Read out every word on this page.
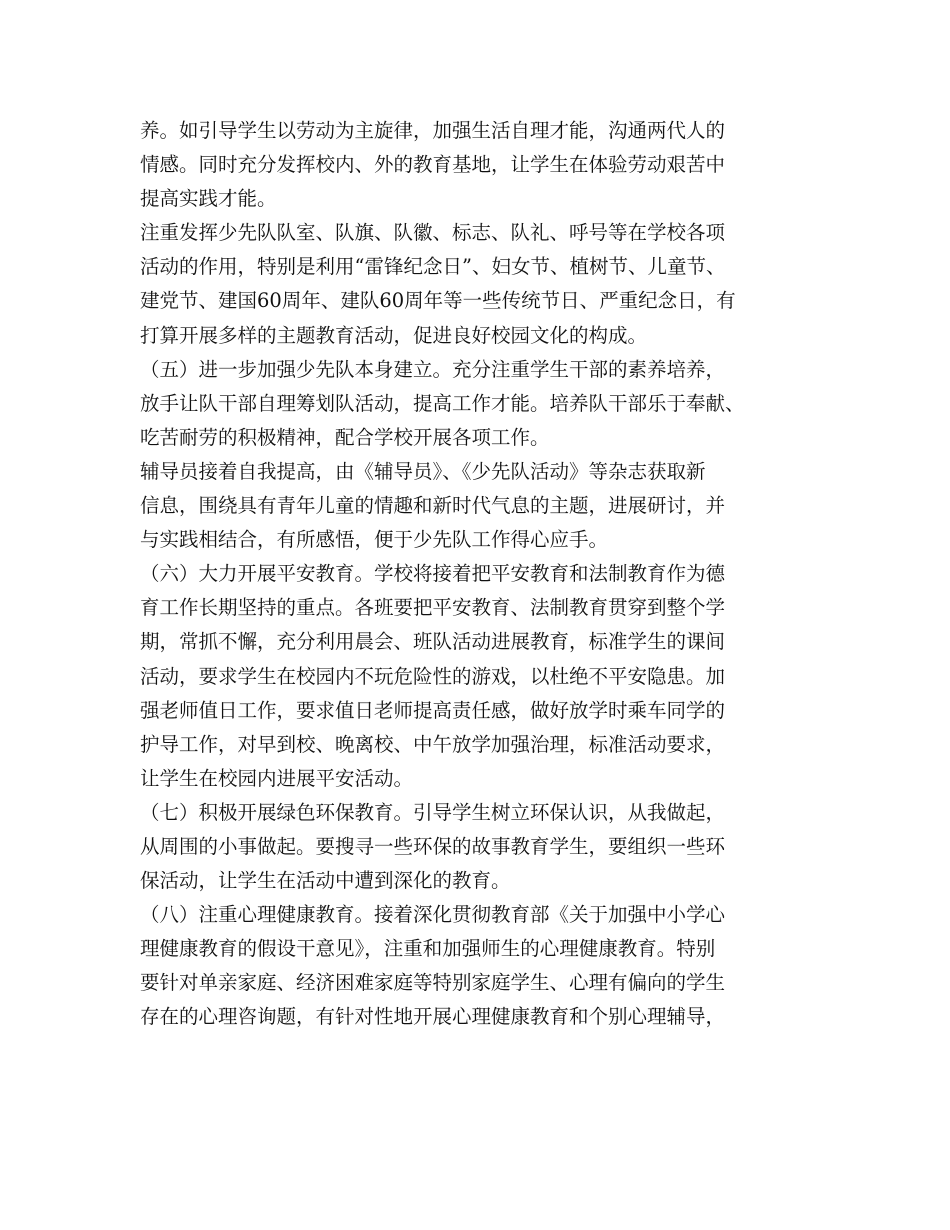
养。如引导学生以劳动为主旋律，加强生活自理才能，沟通两代人的
情感。同时充分发挥校内、外的教育基地，让学生在体验劳动艰苦中
提高实践才能。
注重发挥少先队队室、队旗、队徽、标志、队礼、呼号等在学校各项
活动的作用，特别是利用“雷锋纪念日”、妇女节、植树节、儿童节、
建党节、建国60周年、建队60周年等一些传统节日、严重纪念日，有
打算开展多样的主题教育活动，促进良好校园文化的构成。
（五）进一步加强少先队本身建立。充分注重学生干部的素养培养，
放手让队干部自理筹划队活动，提高工作才能。培养队干部乐于奉献、
吃苦耐劳的积极精神，配合学校开展各项工作。
辅导员接着自我提高，由《辅导员》、《少先队活动》等杂志获取新
信息，围绕具有青年儿童的情趣和新时代气息的主题，进展研讨，并
与实践相结合，有所感悟，便于少先队工作得心应手。
（六）大力开展平安教育。学校将接着把平安教育和法制教育作为德
育工作长期坚持的重点。各班要把平安教育、法制教育贯穿到整个学
期，常抓不懈，充分利用晨会、班队活动进展教育，标准学生的课间
活动，要求学生在校园内不玩危险性的游戏，以杜绝不平安隐患。加
强老师值日工作，要求值日老师提高责任感，做好放学时乘车同学的
护导工作，对早到校、晚离校、中午放学加强治理，标准活动要求，
让学生在校园内进展平安活动。
（七）积极开展绿色环保教育。引导学生树立环保认识，从我做起，
从周围的小事做起。要搜寻一些环保的故事教育学生，要组织一些环
保活动，让学生在活动中遭到深化的教育。
（八）注重心理健康教育。接着深化贯彻教育部《关于加强中小学心
理健康教育的假设干意见》，注重和加强师生的心理健康教育。特别
要针对单亲家庭、经济困难家庭等特别家庭学生、心理有偏向的学生
存在的心理咨询题，有针对性地开展心理健康教育和个别心理辅导，
